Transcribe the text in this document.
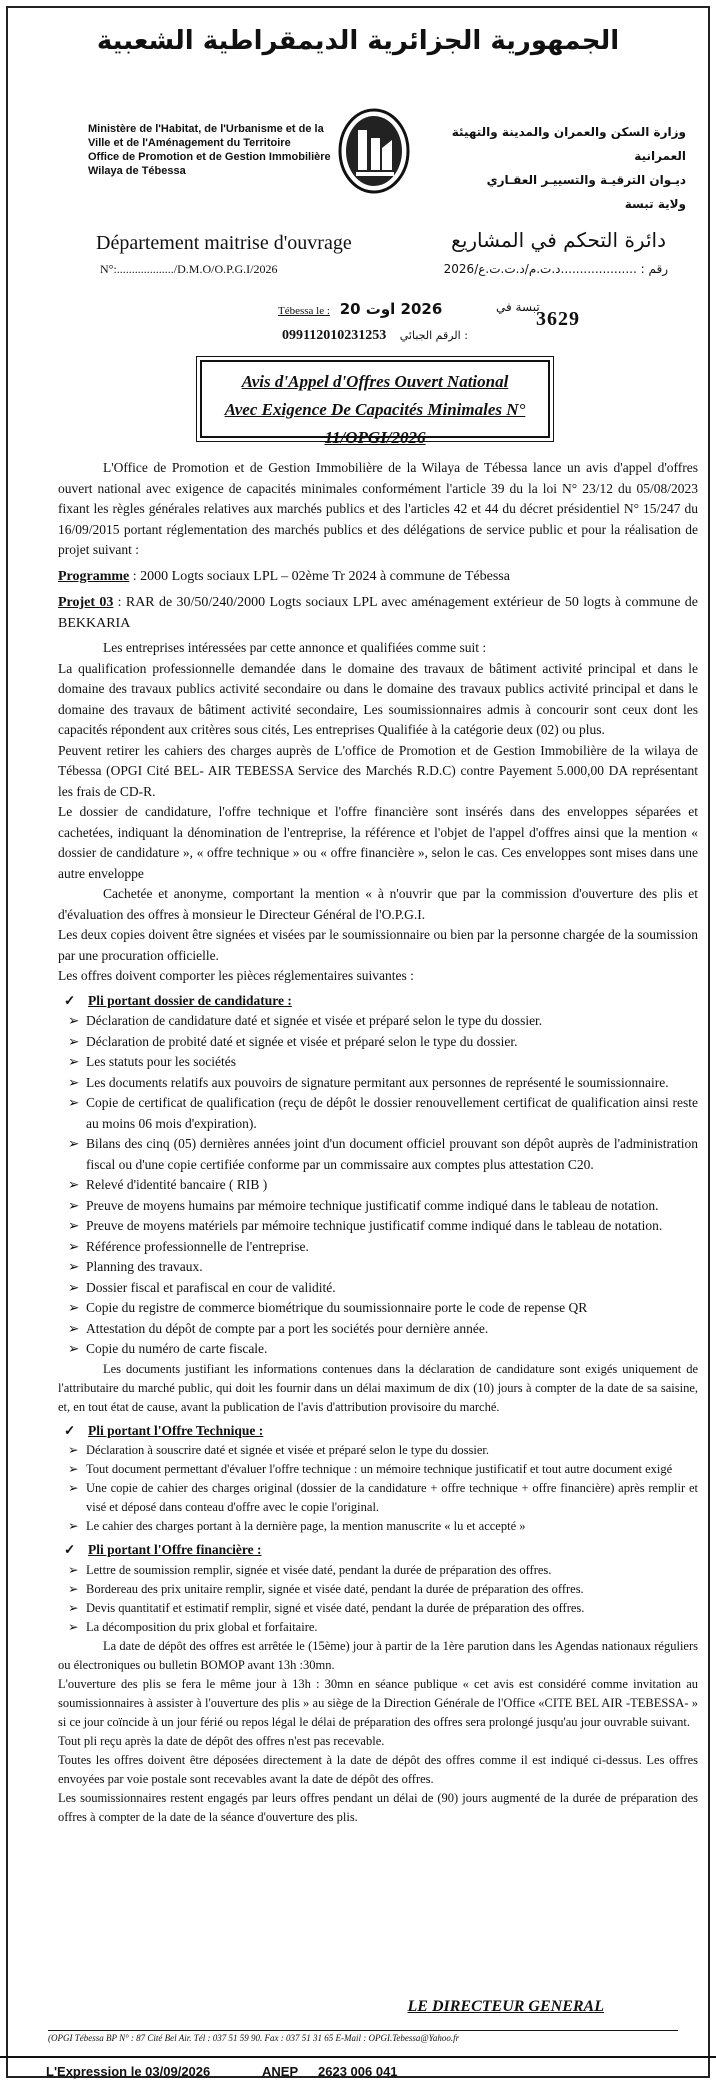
الجمهورية الجزائرية الديمقراطية الشعبية
Ministère de l'Habitat, de l'Urbanisme et de la Ville et de l'Aménagement du Territoire
Office de Promotion et de Gestion Immobilière
Wilaya de Tébessa
وزارة السكن والعمران والمدينة والتهيئة العمرانية
ديـوان الترقيـة والتسييـر العقـاري
ولاية تبسة
Département maitrise d'ouvrage
N°:.................../D.M.O/O.P.G.I/2026
دائرة التحكم في المشاريع
رقم : ....................د.ت.م/د.ت.ت.ع/2026
Tébessa le : 2026 اوت 20	تبسة في
3629
099112010231253 الرقم الجبائي :
Avis d'Appel d'Offres Ouvert National
Avec Exigence De Capacités Minimales N° 11/OPGI/2026

L'Office de Promotion et de Gestion Immobilière de la Wilaya de Tébessa lance un avis d'appel d'offres ouvert national avec exigence de capacités minimales conformément l'article 39 du la loi N° 23/12 du 05/08/2023 fixant les règles générales relatives aux marchés publics et des l'articles 42 et 44 du décret présidentiel N° 15/247 du 16/09/2015 portant réglementation des marchés publics et des délégations de service public et pour la réalisation de projet suivant :

Programme : 2000 Logts sociaux LPL – 02ème Tr 2024 à commune de Tébessa

Projet 03 : RAR de 30/50/240/2000 Logts sociaux LPL avec aménagement extérieur de 50 logts à commune de BEKKARIA

Les entreprises intéressées par cette annonce et qualifiées comme suit :

La qualification professionnelle demandée dans le domaine des travaux de bâtiment activité principal et dans le domaine des travaux publics activité secondaire ou dans le domaine des travaux publics activité principal et dans le domaine des travaux de bâtiment activité secondaire, Les soumissionnaires admis à concourir sont ceux dont les capacités répondent aux critères sous cités, Les entreprises Qualifiée à la catégorie deux (02) ou plus.

Peuvent retirer les cahiers des charges auprès de L'office de Promotion et de Gestion Immobilière de la wilaya de Tébessa (OPGI Cité BEL- AIR TEBESSA Service des Marchés R.D.C) contre Payement 5.000,00 DA représentant les frais de CD-R.

Le dossier de candidature, l'offre technique et l'offre financière sont insérés dans des enveloppes séparées et cachetées, indiquant la dénomination de l'entreprise, la référence et l'objet de l'appel d'offres ainsi que la mention « dossier de candidature », « offre technique » ou « offre financière », selon le cas. Ces enveloppes sont mises dans une autre enveloppe

Cachetée et anonyme, comportant la mention « à n'ouvrir que par la commission d'ouverture des plis et d'évaluation des offres à monsieur le Directeur Général de l'O.P.G.I.

Les deux copies doivent être signées et visées par le soumissionnaire ou bien par la personne chargée de la soumission par une procuration officielle.

Les offres doivent comporter les pièces réglementaires suivantes :

✓ Pli portant dossier de candidature :
➢ Déclaration de candidature daté et signée et visée et préparé selon le type du dossier.
➢ Déclaration de probité daté et signée et visée et préparé selon le type du dossier.
➢ Les statuts pour les sociétés
➢ Les documents relatifs aux pouvoirs de signature permitant aux personnes de représenté le soumissionnaire.
➢ Copie de certificat de qualification (reçu de dépôt le dossier renouvellement certificat de qualification ainsi reste au moins 06 mois d'expiration).
➢ Bilans des cinq (05) dernières années joint d'un document officiel prouvant son dépôt auprès de l'administration fiscal ou d'une copie certifiée conforme par un commissaire aux comptes plus attestation C20.
➢ Relevé d'identité bancaire ( RIB )
➢ Preuve de moyens humains par mémoire technique justificatif comme indiqué dans le tableau de notation.
➢ Preuve de moyens matériels par mémoire technique justificatif comme indiqué dans le tableau de notation.
➢ Référence professionnelle de l'entreprise.
➢ Planning des travaux.
➢ Dossier fiscal et parafiscal en cour de validité.
➢ Copie du registre de commerce biométrique du soumissionnaire porte le code de repense QR
➢ Attestation du dépôt de compte par a port les sociétés pour dernière année.
➢ Copie du numéro de carte fiscale.

Les documents justifiant les informations contenues dans la déclaration de candidature sont exigés uniquement de l'attributaire du marché public, qui doit les fournir dans un délai maximum de dix (10) jours à compter de la date de sa saisine, et, en tout état de cause, avant la publication de l'avis d'attribution provisoire du marché.

✓ Pli portant l'Offre Technique :
➢ Déclaration à souscrire daté et signée et visée et préparé selon le type du dossier.
➢ Tout document permettant d'évaluer l'offre technique : un mémoire technique justificatif et tout autre document exigé
➢ Une copie de cahier des charges original (dossier de la candidature + offre technique + offre financière) après remplir et visé et déposé dans conteau d'offre avec le copie l'original.
➢ Le cahier des charges portant à la dernière page, la mention manuscrite « lu et accepté »
✓ Pli portant l'Offre financière :
➢ Lettre de soumission remplir, signée et visée daté, pendant la durée de préparation des offres.
➢ Bordereau des prix unitaire remplir, signée et visée daté, pendant la durée de préparation des offres.
➢ Devis quantitatif et estimatif remplir, signé et visée daté, pendant la durée de préparation des offres.
➢ La décomposition du prix global et forfaitaire.

La date de dépôt des offres est arrêtée le (15ème) jour à partir de la 1ère parution dans les Agendas nationaux réguliers ou électroniques ou bulletin BOMOP avant 13h :30mn.

L'ouverture des plis se fera le même jour à 13h : 30mn en séance publique « cet avis est considéré comme invitation au soumissionnaires à assister à l'ouverture des plis » au siège de la Direction Générale de l'Office «CITE BEL AIR -TEBESSA- » si ce jour coïncide à un jour férié ou repos légal le délai de préparation des offres sera prolongé jusqu'au jour ouvrable suivant.

Tout pli reçu après la date de dépôt des offres n'est pas recevable.

Toutes les offres doivent être déposées directement à la date de dépôt des offres comme il est indiqué ci-dessus. Les offres envoyées par voie postale sont recevables avant la date de dépôt des offres.

Les soumissionnaires restent engagés par leurs offres pendant un délai de (90) jours augmenté de la durée de préparation des offres à compter de la date de la séance d'ouverture des plis.

LE DIRECTEUR GENERAL
(OPGI Tébessa BP N° : 87 Cité Bel Air. Tél : 037 51 59 90. Fax : 037 51 31 65 E-Mail : OPGI.Tebessa@Yahoo.fr
L'Expression le 03/09/2026	ANEP 2623 006 041
